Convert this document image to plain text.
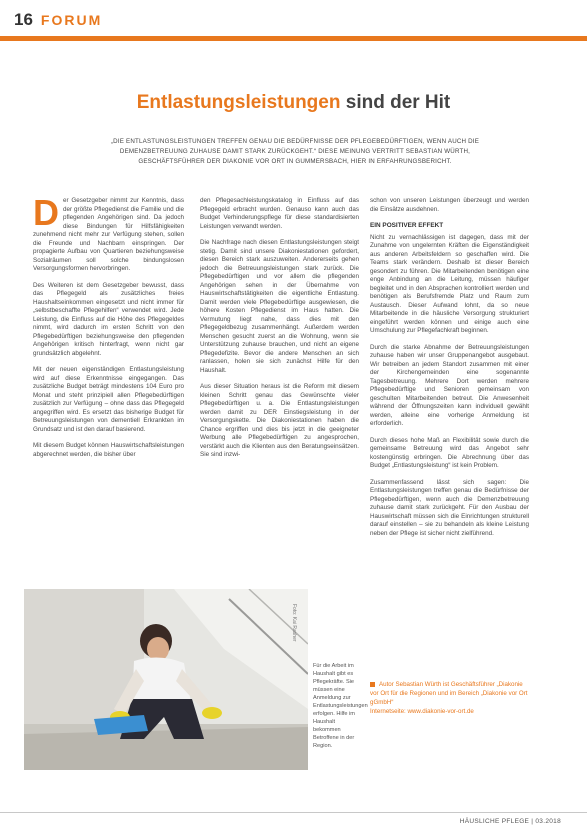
16 FORUM
Entlastungsleistungen sind der Hit
„DIE ENTLASTUNGSLEISTUNGEN TREFFEN GENAU DIE BEDÜRFNISSE DER PFLEGEBEDÜRFTIGEN, WENN AUCH DIE DEMENZBETREUUNG ZUHAUSE DAMIT STARK ZURÜCKGEHT.“ DIESE MEINUNG VERTRITT SEBASTIAN WÜRTH, GESCHÄFTSFÜHRER DER DIAKONIE VOR ORT IN GUMMERSBACH, HIER IN ERFAHRUNGSBERICHT.

Der Gesetzgeber nimmt zur Kenntnis, dass der größte Pflegedienst die Familie und die pflegenden Angehörigen sind. Da jedoch diese Bindungen für Hilfsfähigkeiten zunehmend nicht mehr zur Verfügung stehen, sollen die Freunde und Nachbarn einspringen. Der propagierte Aufbau von Quartieren beziehungsweise Sozialräumen soll solche bindungslosen Versorgungsformen hervorbringen.

Des Weiteren ist dem Gesetzgeber bewusst, dass das Pflegegeld als zusätzliches freies Haushaltseinkommen eingesetzt und nicht immer für „selbstbeschaffte Pflegehilfen“ verwendet wird. Jede Leistung, die Einfluss auf die Höhe des Pflegegeldes nimmt, wird dadurch im ersten Schritt von den Pflegebedürftigen beziehungsweise den pflegenden Angehörigen kritisch hinterfragt, wenn nicht gar grundsätzlich abgelehnt.

Mit der neuen eigenständigen Entlastungsleistung wird auf diese Erkenntnisse eingegangen. Das zusätzliche Budget beträgt mindestens 104 Euro pro Monat und steht prinzipiell allen Pflegebedürftigen zusätzlich zur Verfügung – ohne dass das Pflegegeld angegriffen wird. Es ersetzt das bisherige Budget für Betreuungsleistungen von dementiell Erkrankten im Grundsatz und ist den darauf basierend.

Mit diesem Budget können Hauswirtschaftsleistungen abgerechnet werden, die bisher über

den Pflegesachleistungskatalog in Einfluss auf das Pflegegeld erbracht wurden. Genauso kann auch das Budget Verhinderungspflege für diese standardisierten Leistungen verwandt werden.

Die Nachfrage nach diesen Entlastungsleistungen steigt stetig. Damit sind unsere Diakoniestationen gefordert, diesen Bereich stark auszuweiten. Andererseits gehen jedoch die Betreuungsleistungen stark zurück. Die Pflegebedürftigen und vor allem die pflegenden Angehörigen sehen in der Übernahme von Hauswirtschaftstätigkeiten die eigentliche Entlastung. Damit werden viele Pflegebedürftige ausgewiesen, die höhere Kosten Pflegedienst im Haus hatten. Die Vermutung liegt nahe, dass dies mit den Pflegegeldbezug zusammenhängt. Außerdem werden Menschen gesucht zuerst an die Wohnung, wenn sie Unterstützung zuhause brauchen, und nicht an eigene Pflegedefizite. Bevor die andere Menschen an sich ranlassen, holen sie sich zunächst Hilfe für den Haushalt.

Aus dieser Situation heraus ist die Reform mit diesem kleinen Schritt genau das Gewünschte vieler Pflegebedürftigen u. a. Die Entlastungsleistungen werden damit zu DER Einstiegsleistung in der Versorgungskette. Die Diakoniestationen haben die Chance ergriffen und dies bis jetzt in die geeigneter Werbung alle Pflegebedürftigen zu angesprochen, verstärkt auch die Klienten aus den Beratungseinsätzen. Sie sind inzwi-

schon von unseren Leistungen überzeugt und werden die Einsätze ausdehnen.

EIN POSITIVER EFFEKT

Nicht zu vernachlässigen ist dagegen, dass mit der Zunahme von ungelernten Kräften die Eigenständigkeit aus anderen Arbeitsfeldern so geschaffen wird. Die Teams stark verändern. Deshalb ist dieser Bereich gesondert zu führen. Die Mitarbeitenden benötigen eine enge Anbindung an die Leitung, müssen häufiger begleitet und in den Absprachen kontrolliert werden und benötigen als Berufsfremde Platz und Raum zum Austausch. Dieser Aufwand lohnt, da so neue Mitarbeitende in die häusliche Versorgung strukturiert eingeführt werden können und einige auch eine Umschulung zur Pflegefachkraft beginnen.

Durch die starke Abnahme der Betreuungsleistungen zuhause haben wir unser Gruppenangebot ausgebaut. Wir betreiben an jedem Standort zusammen mit einer der Kirchengemeinden eine sogenannte Tagesbetreuung. Mehrere Dort werden mehrere Pflegebedürftige und Senioren gemeinsam von geschulten Mitarbeitenden betreut. Die Anwesenheit während der Öffnungszeiten kann individuell gewählt werden, alleine eine vorherige Anmeldung ist erforderlich.

Durch dieses hohe Maß an Flexibilität sowie durch die gemeinsame Betreuung wird das Angebot sehr kostengünstig erbringen. Die Abrechnung über das Budget „Entlastungsleistung“ ist kein Problem.

Zusammenfassend lässt sich sagen: Die Entlastungsleistungen treffen genau die Bedürfnisse der Pflegebedürftigen, wenn auch die Demenzbetreuung zuhause damit stark zurückgeht. Für den Ausbau der Hauswirtschaft müssen sich die Einrichtungen strukturell darauf einstellen – sie zu behandeln als kleine Leistung neben der Pflege ist sicher nicht zielführend.

Autor Sebastian Würth ist Geschäftsführer „Diakonie vor Ort für die Regionen und im Bereich „Diakonie vor Ort gGmbH“
Internetseite: www.diakonie-vor-ort.de
Foto: Kai Rasher
Für die Arbeit im Haushalt gibt es Pflegekräfte. Sie müssen eine Anmeldung zur Entlastungsleistungen erfolgen. Hilfe im Haushalt bekommen Betroffene in der Region.
HÄUSLICHE PFLEGE | 03.2018
